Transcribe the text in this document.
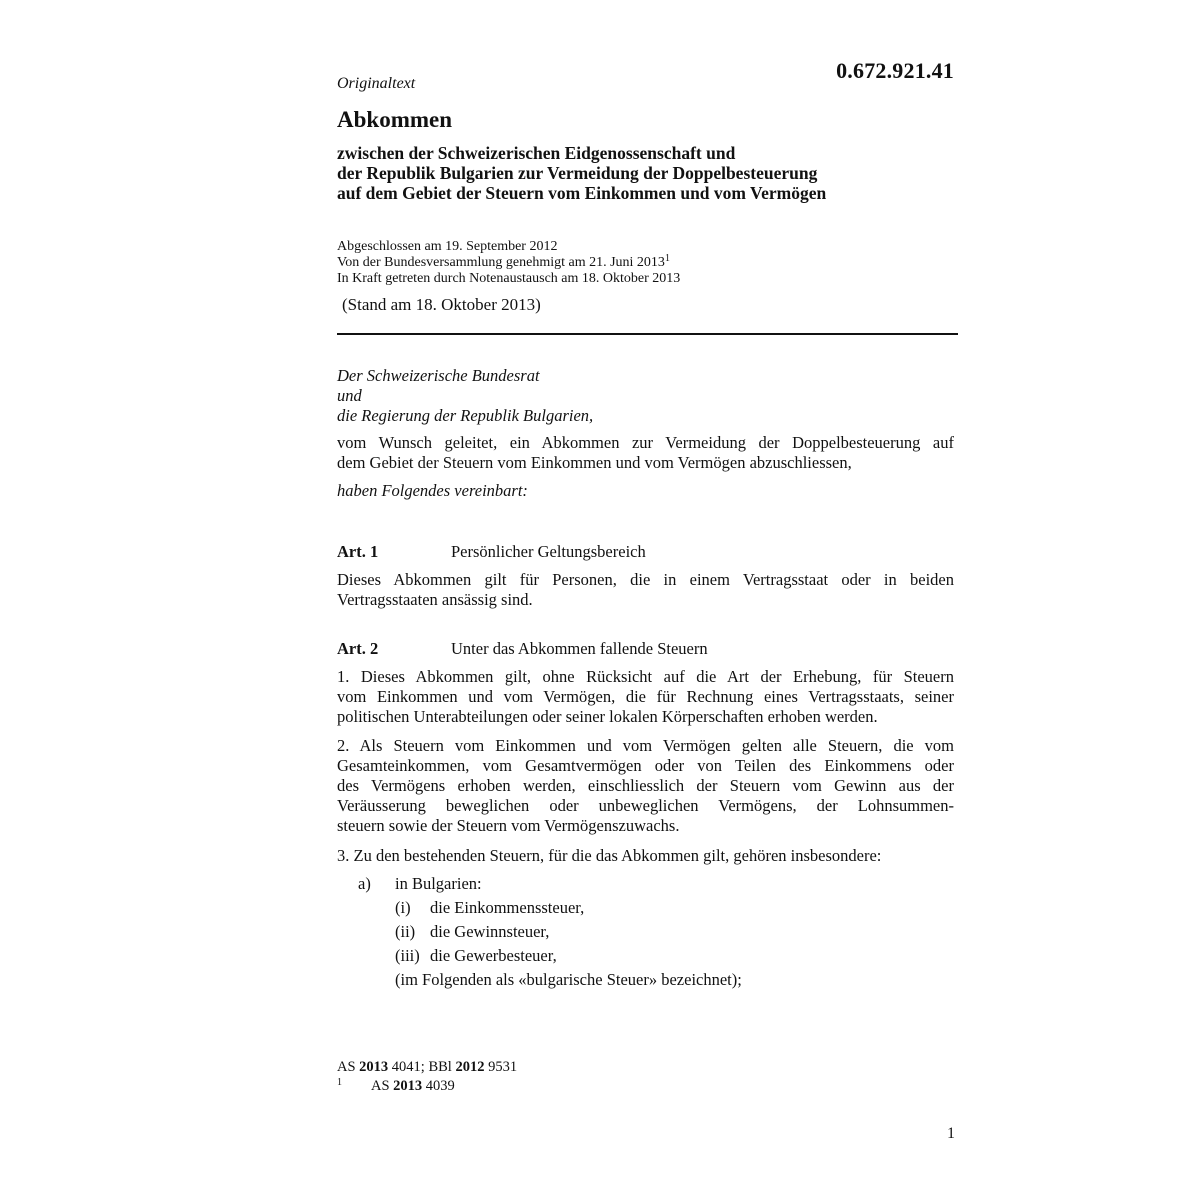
Originaltext
0.672.921.41
Abkommen
zwischen der Schweizerischen Eidgenossenschaft und
der Republik Bulgarien zur Vermeidung der Doppelbesteuerung
auf dem Gebiet der Steuern vom Einkommen und vom Vermögen
Abgeschlossen am 19. September 2012
Von der Bundesversammlung genehmigt am 21. Juni 2013$^1$
In Kraft getreten durch Notenaustausch am 18. Oktober 2013
(Stand am 18. Oktober 2013)
Der Schweizerische Bundesrat
und
die Regierung der Republik Bulgarien,
vom Wunsch geleitet, ein Abkommen zur Vermeidung der Doppelbesteuerung auf
dem Gebiet der Steuern vom Einkommen und vom Vermögen abzuschliessen,
haben Folgendes vereinbart:
Art. 1	Persönlicher Geltungsbereich
Dieses Abkommen gilt für Personen, die in einem Vertragsstaat oder in beiden
Vertragsstaaten ansässig sind.
Art. 2	Unter das Abkommen fallende Steuern
1. Dieses Abkommen gilt, ohne Rücksicht auf die Art der Erhebung, für Steuern
vom Einkommen und vom Vermögen, die für Rechnung eines Vertragsstaats, seiner
politischen Unterabteilungen oder seiner lokalen Körperschaften erhoben werden.
2. Als Steuern vom Einkommen und vom Vermögen gelten alle Steuern, die vom
Gesamteinkommen, vom Gesamtvermögen oder von Teilen des Einkommens oder
des Vermögens erhoben werden, einschliesslich der Steuern vom Gewinn aus der
Veräusserung beweglichen oder unbeweglichen Vermögens, der Lohnsummen-
steuern sowie der Steuern vom Vermögenszuwachs.
3. Zu den bestehenden Steuern, für die das Abkommen gilt, gehören insbesondere:
a) in Bulgarien:
(i) die Einkommenssteuer,
(ii) die Gewinnsteuer,
(iii) die Gewerbesteuer,
(im Folgenden als «bulgarische Steuer» bezeichnet);
AS 2013 4041; BBl 2012 9531
1 AS 2013 4039
1
